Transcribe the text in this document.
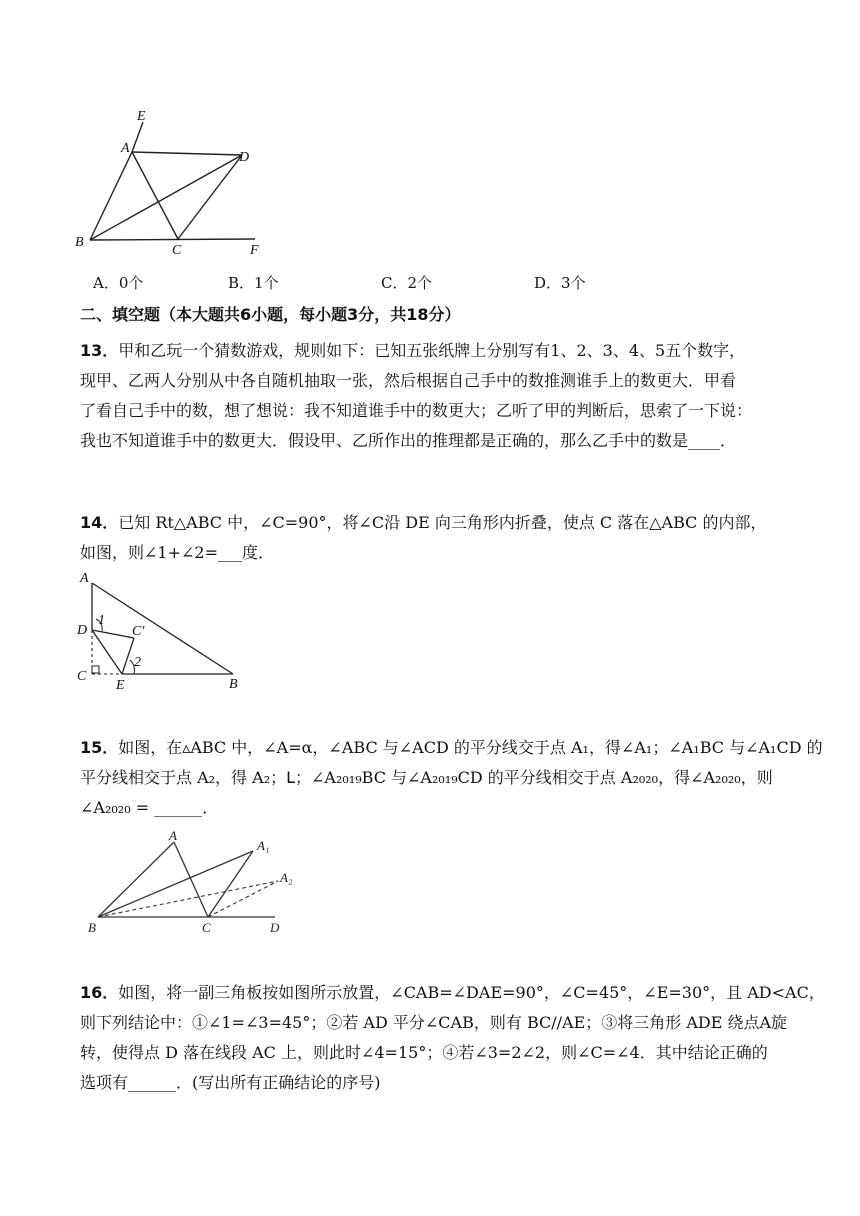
E
A
D
B
C	F
A．0个	B．1个	C．2个	D．3个
二、填空题（本大题共6小题，每小题3分，共18分）
13．甲和乙玩一个猜数游戏，规则如下：已知五张纸牌上分别写有1、2、3、4、5五个数字，
现甲、乙两人分别从中各自随机抽取一张，然后根据自己手中的数推测谁手上的数更大．甲看
了看自己手中的数，想了想说：我不知道谁手中的数更大；乙听了甲的判断后，思索了一下说：
我也不知道谁手中的数更大．假设甲、乙所作出的推理都是正确的，那么乙手中的数是____．
14．已知 Rt△ABC 中，∠C=90°，将∠C沿 DE 向三角形内折叠，使点 C 落在△ABC 的内部，
如图，则∠1+∠2=___度．
A
D
1
C′
2
C
E	B
15．如图，在▵ABC 中，∠A=α，∠ABC 与∠ACD 的平分线交于点 A₁，得∠A₁；∠A₁BC 与∠A₁CD 的
平分线相交于点 A₂，得 A₂；ᒪ；∠A₂₀₁₉BC 与∠A₂₀₁₉CD 的平分线相交于点 A₂₀₂₀，得∠A₂₀₂₀，则
∠A₂₀₂₀ = ______．
A
A₁
A₂
B	C	D
16．如图，将一副三角板按如图所示放置，∠CAB=∠DAE=90°，∠C=45°，∠E=30°，且 AD<AC，
则下列结论中：①∠1=∠3=45°；②若 AD 平分∠CAB，则有 BC//AE；③将三角形 ADE 绕点A旋
转，使得点 D 落在线段 AC 上，则此时∠4=15°；④若∠3=2∠2，则∠C=∠4．其中结论正确的
选项有______．(写出所有正确结论的序号)
